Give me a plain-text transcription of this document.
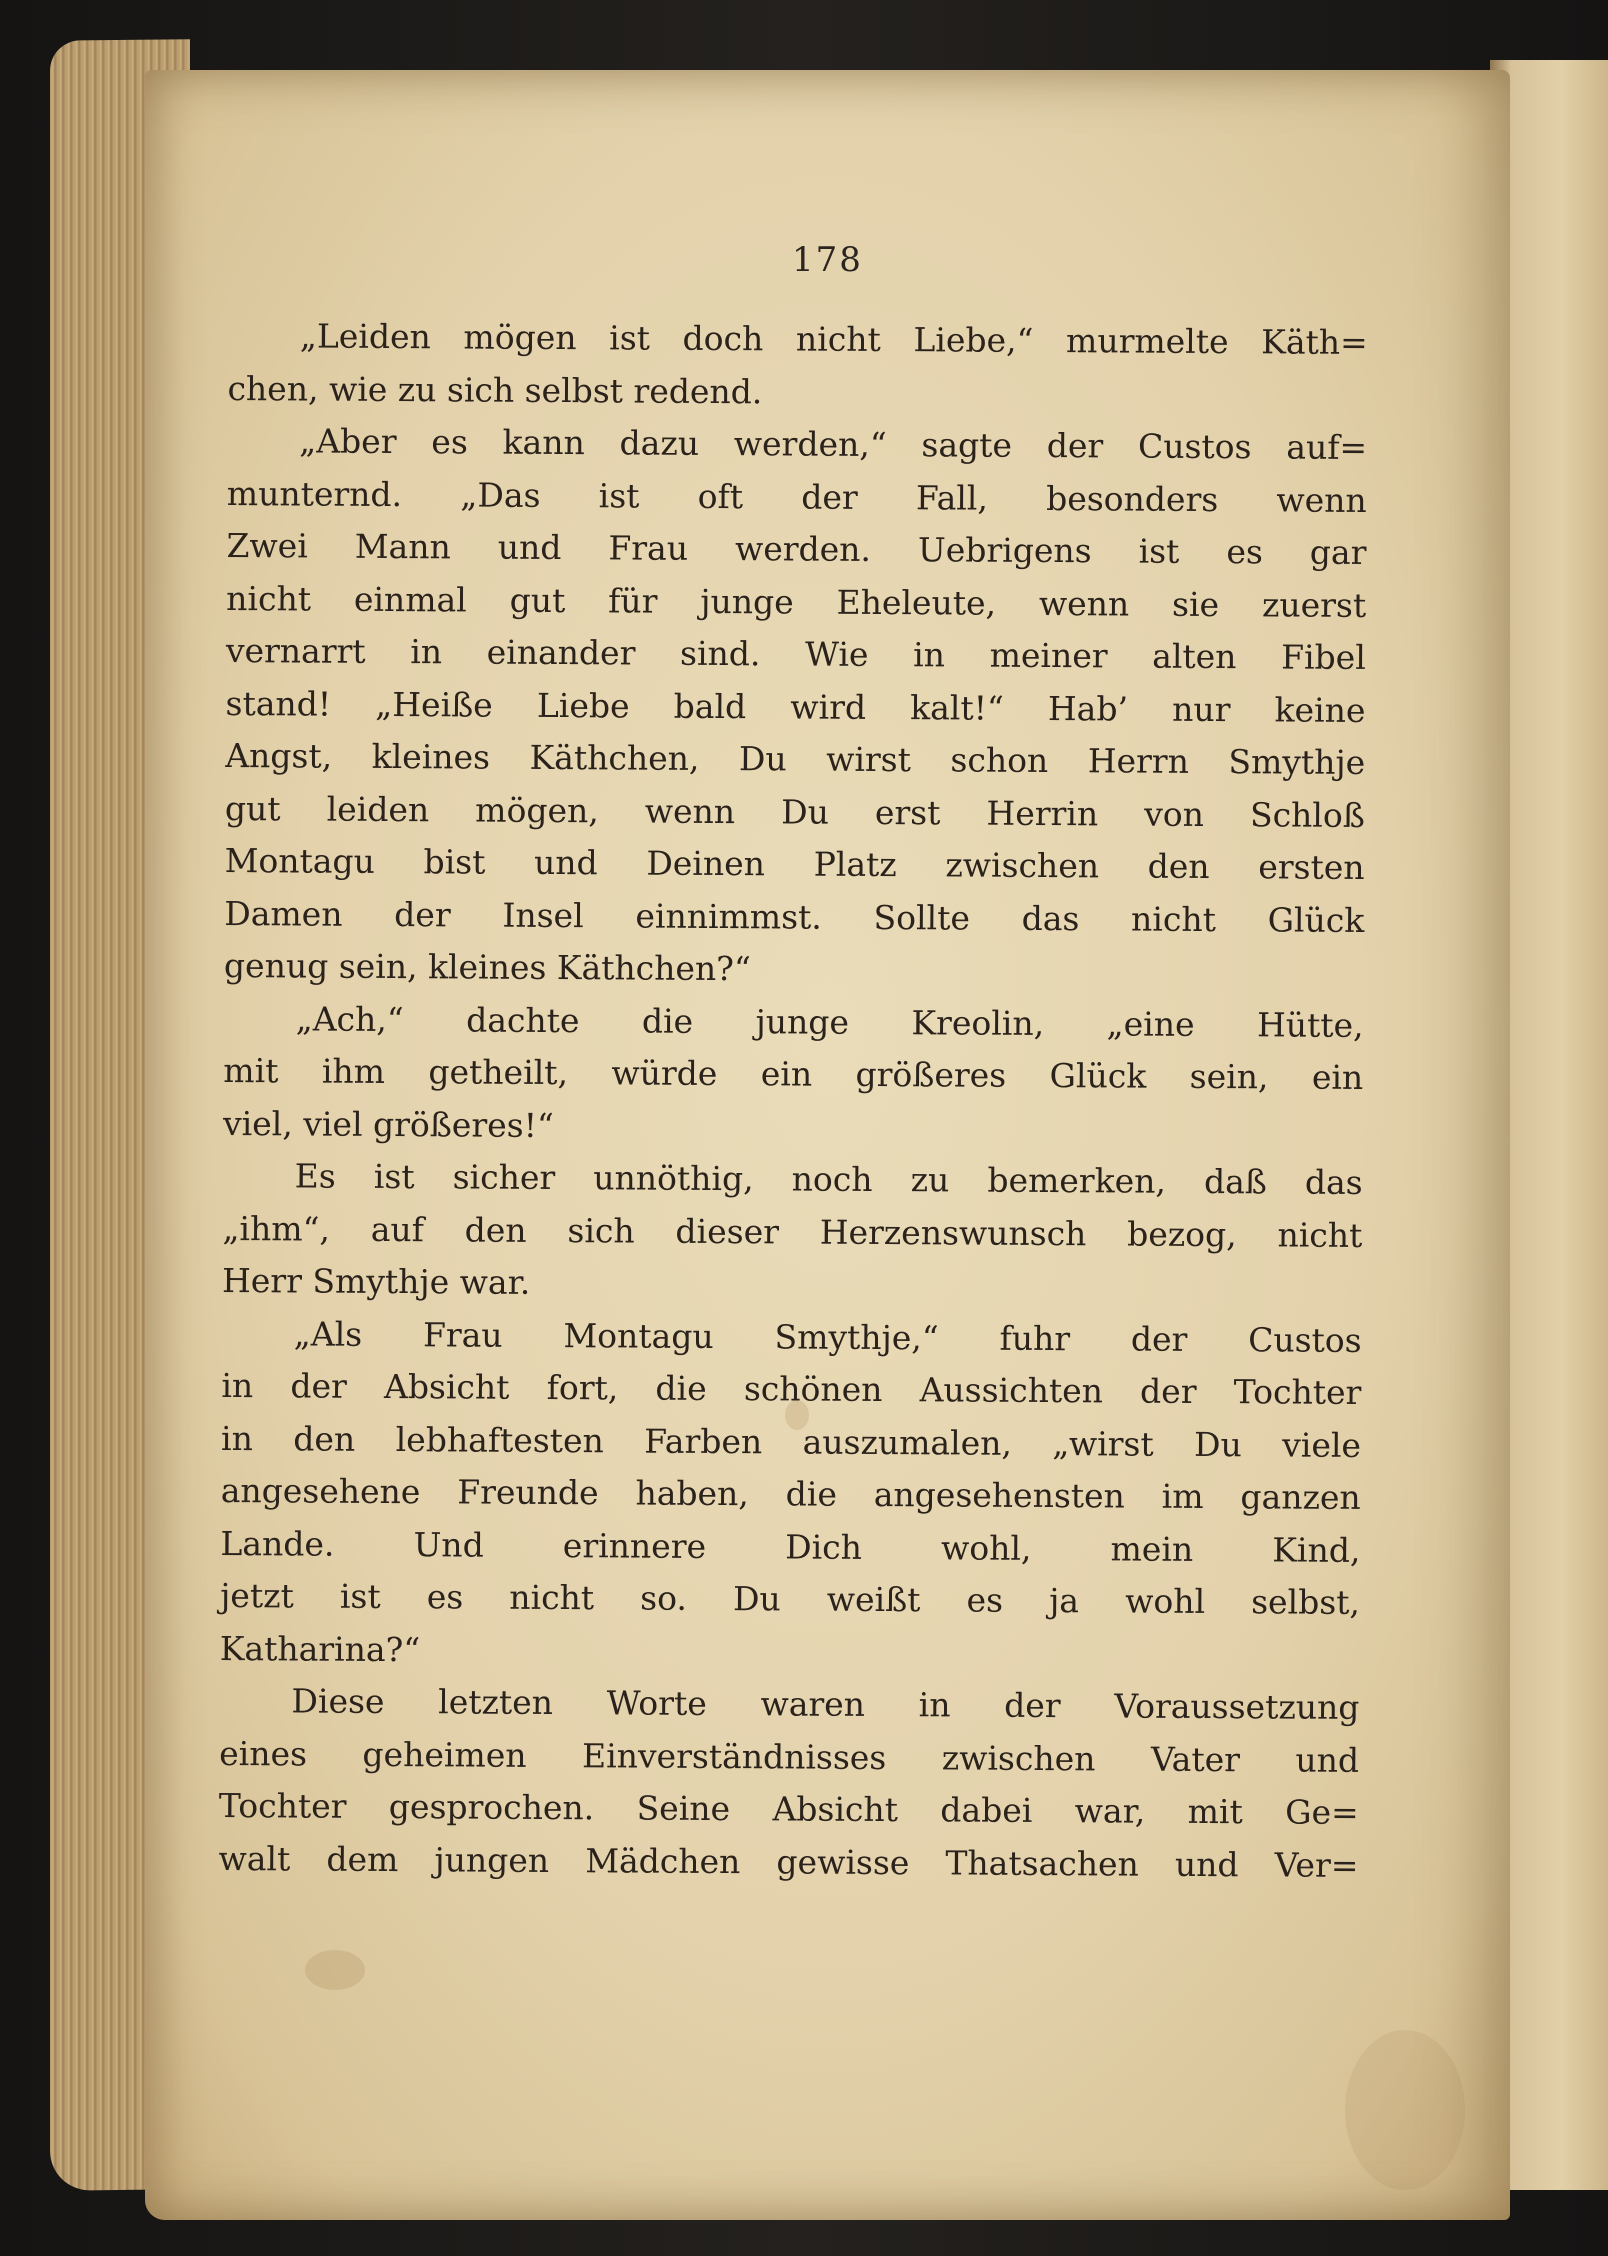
178
„Leiden mögen ist doch nicht Liebe,“ murmelte Käth=
chen, wie zu sich selbst redend.
„Aber es kann dazu werden,“ sagte der Custos auf=
munternd. „Das ist oft der Fall, besonders wenn
Zwei Mann und Frau werden. Uebrigens ist es gar
nicht einmal gut für junge Eheleute, wenn sie zuerst
vernarrt in einander sind. Wie in meiner alten Fibel
stand! „Heiße Liebe bald wird kalt!“ Hab’ nur keine
Angst, kleines Käthchen, Du wirst schon Herrn Smythje
gut leiden mögen, wenn Du erst Herrin von Schloß
Montagu bist und Deinen Platz zwischen den ersten
Damen der Insel einnimmst. Sollte das nicht Glück
genug sein, kleines Käthchen?“
„Ach,“ dachte die junge Kreolin, „eine Hütte,
mit ihm getheilt, würde ein größeres Glück sein, ein
viel, viel größeres!“
Es ist sicher unnöthig, noch zu bemerken, daß das
„ihm“, auf den sich dieser Herzenswunsch bezog, nicht
Herr Smythje war.
„Als Frau Montagu Smythje,“ fuhr der Custos
in der Absicht fort, die schönen Aussichten der Tochter
in den lebhaftesten Farben auszumalen, „wirst Du viele
angesehene Freunde haben, die angesehensten im ganzen
Lande. Und erinnere Dich wohl, mein Kind,
jetzt ist es nicht so. Du weißt es ja wohl selbst,
Katharina?“
Diese letzten Worte waren in der Voraussetzung
eines geheimen Einverständnisses zwischen Vater und
Tochter gesprochen. Seine Absicht dabei war, mit Ge=
walt dem jungen Mädchen gewisse Thatsachen und Ver=
